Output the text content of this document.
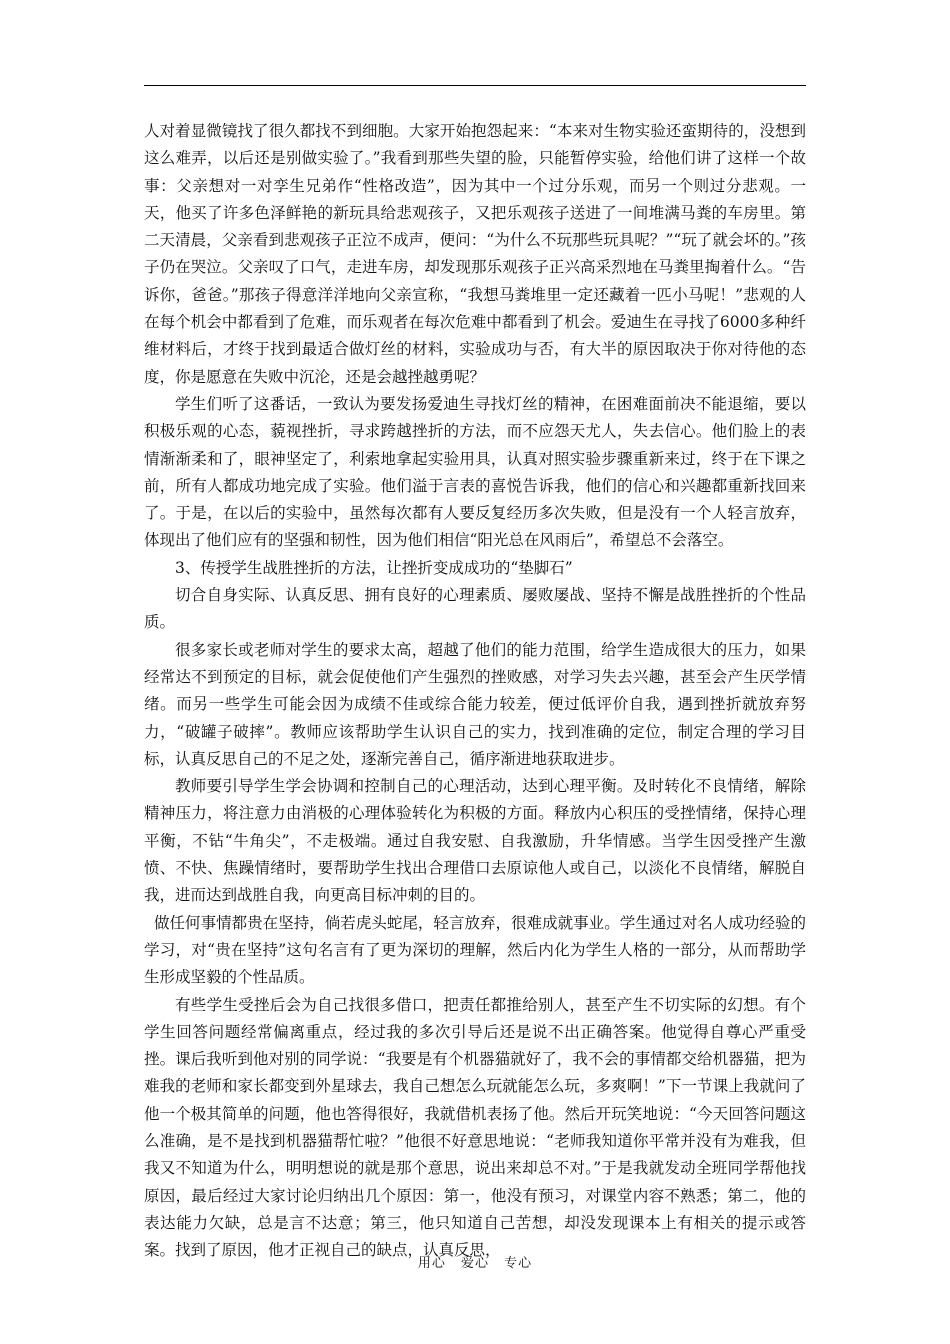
人对着显微镜找了很久都找不到细胞。大家开始抱怨起来：“本来对生物实验还蛮期待的，没想到这么难弄，以后还是别做实验了。”我看到那些失望的脸，只能暂停实验，给他们讲了这样一个故事：父亲想对一对孪生兄弟作“性格改造”，因为其中一个过分乐观，而另一个则过分悲观。一天，他买了许多色泽鲜艳的新玩具给悲观孩子，又把乐观孩子送进了一间堆满马粪的车房里。第二天清晨，父亲看到悲观孩子正泣不成声，便问：“为什么不玩那些玩具呢？”“玩了就会坏的。”孩子仍在哭泣。父亲叹了口气，走进车房，却发现那乐观孩子正兴高采烈地在马粪里掏着什么。“告诉你，爸爸。”那孩子得意洋洋地向父亲宣称，“我想马粪堆里一定还藏着一匹小马呢！”悲观的人在每个机会中都看到了危难，而乐观者在每次危难中都看到了机会。爱迪生在寻找了6000多种纤维材料后，才终于找到最适合做灯丝的材料，实验成功与否，有大半的原因取决于你对待他的态度，你是愿意在失败中沉沦，还是会越挫越勇呢？

学生们听了这番话，一致认为要发扬爱迪生寻找灯丝的精神，在困难面前决不能退缩，要以积极乐观的心态，藐视挫折，寻求跨越挫折的方法，而不应怨天尤人，失去信心。他们脸上的表情渐渐柔和了，眼神坚定了，利索地拿起实验用具，认真对照实验步骤重新来过，终于在下课之前，所有人都成功地完成了实验。他们溢于言表的喜悦告诉我，他们的信心和兴趣都重新找回来了。于是，在以后的实验中，虽然每次都有人要反复经历多次失败，但是没有一个人轻言放弃，体现出了他们应有的坚强和韧性，因为他们相信“阳光总在风雨后”，希望总不会落空。

3、传授学生战胜挫折的方法，让挫折变成成功的“垫脚石”

切合自身实际、认真反思、拥有良好的心理素质、屡败屡战、坚持不懈是战胜挫折的个性品质。

很多家长或老师对学生的要求太高，超越了他们的能力范围，给学生造成很大的压力，如果经常达不到预定的目标，就会促使他们产生强烈的挫败感，对学习失去兴趣，甚至会产生厌学情绪。而另一些学生可能会因为成绩不佳或综合能力较差，便过低评价自我，遇到挫折就放弃努力，“破罐子破摔”。教师应该帮助学生认识自己的实力，找到准确的定位，制定合理的学习目标，认真反思自己的不足之处，逐渐完善自己，循序渐进地获取进步。

教师要引导学生学会协调和控制自己的心理活动，达到心理平衡。及时转化不良情绪，解除精神压力，将注意力由消极的心理体验转化为积极的方面。释放内心积压的受挫情绪，保持心理平衡，不钻“牛角尖”，不走极端。通过自我安慰、自我激励，升华情感。当学生因受挫产生激愤、不快、焦躁情绪时，要帮助学生找出合理借口去原谅他人或自己，以淡化不良情绪，解脱自我，进而达到战胜自我，向更高目标冲刺的目的。

做任何事情都贵在坚持，倘若虎头蛇尾，轻言放弃，很难成就事业。学生通过对名人成功经验的学习，对“贵在坚持”这句名言有了更为深切的理解，然后内化为学生人格的一部分，从而帮助学生形成坚毅的个性品质。

有些学生受挫后会为自己找很多借口，把责任都推给别人，甚至产生不切实际的幻想。有个学生回答问题经常偏离重点，经过我的多次引导后还是说不出正确答案。他觉得自尊心严重受挫。课后我听到他对别的同学说：“我要是有个机器猫就好了，我不会的事情都交给机器猫，把为难我的老师和家长都变到外星球去，我自己想怎么玩就能怎么玩，多爽啊！”下一节课上我就问了他一个极其简单的问题，他也答得很好，我就借机表扬了他。然后开玩笑地说：“今天回答问题这么准确，是不是找到机器猫帮忙啦？”他很不好意思地说：“老师我知道你平常并没有为难我，但我又不知道为什么，明明想说的就是那个意思，说出来却总不对。”于是我就发动全班同学帮他找原因，最后经过大家讨论归纳出几个原因：第一，他没有预习，对课堂内容不熟悉；第二，他的表达能力欠缺，总是言不达意；第三，他只知道自己苦想，却没发现课本上有相关的提示或答案。找到了原因，他才正视自己的缺点，认真反思，

用心 爱心 专心
